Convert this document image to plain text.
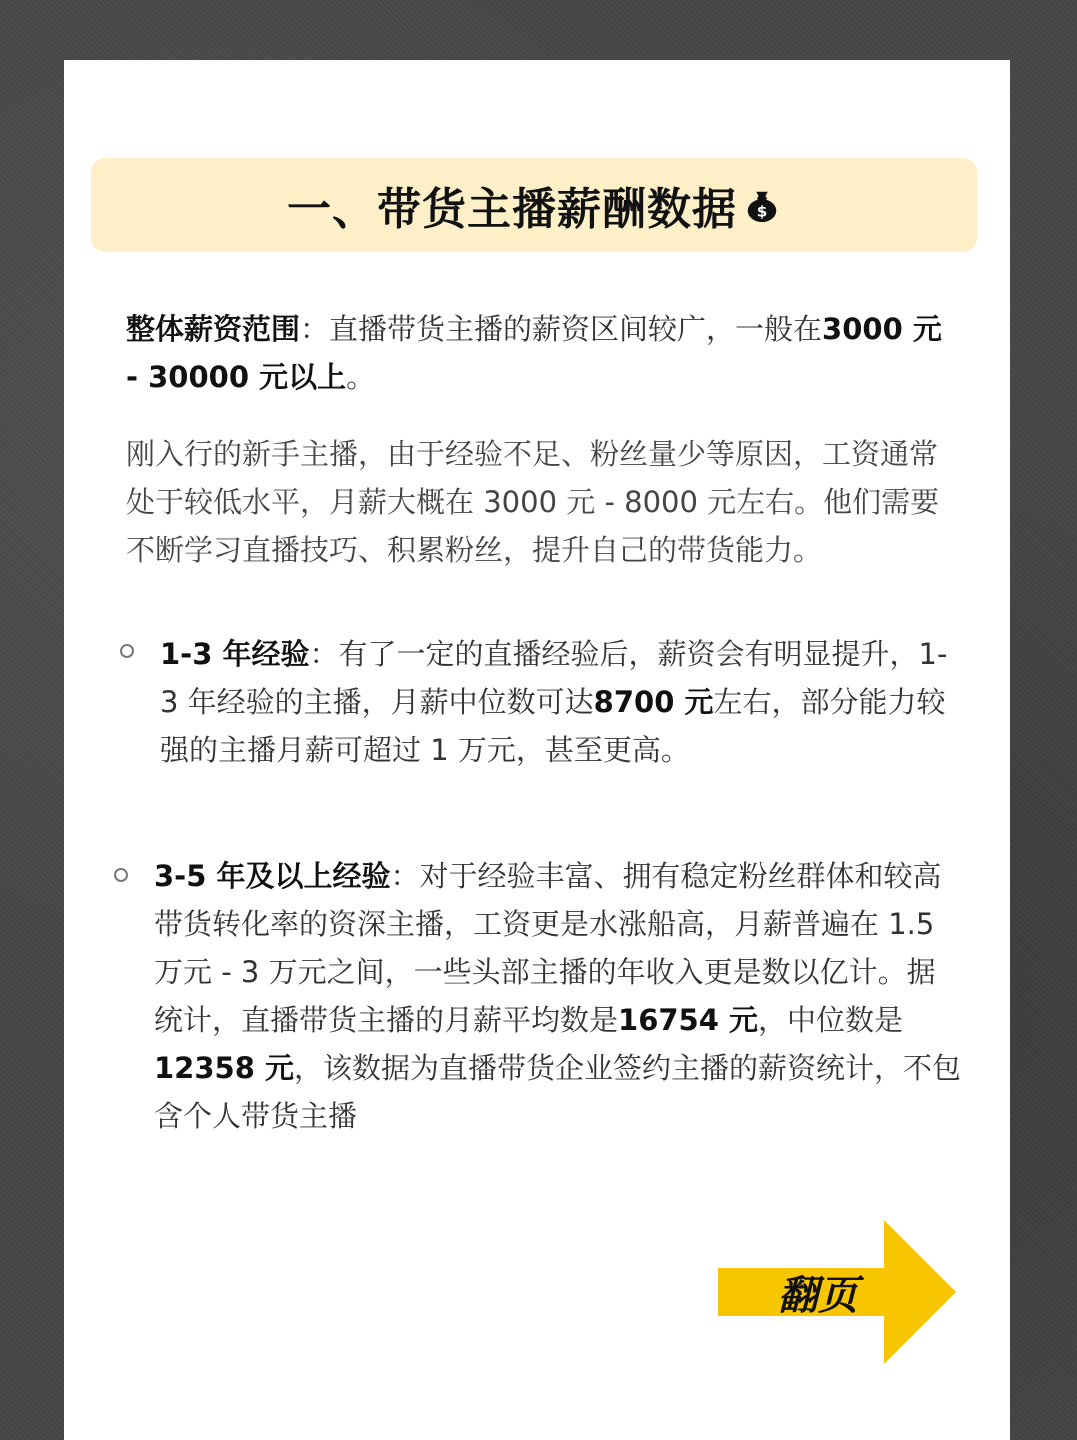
一、带货主播薪酬数据 $
整体薪资范围：直播带货主播的薪资区间较广，一般在3000 元 - 30000 元以上。
刚入行的新手主播，由于经验不足、粉丝量少等原因，工资通常处于较低水平，月薪大概在 3000 元 - 8000 元左右。他们需要不断学习直播技巧、积累粉丝，提升自己的带货能力。
1-3 年经验：有了一定的直播经验后，薪资会有明显提升，1-3 年经验的主播，月薪中位数可达8700 元左右，部分能力较强的主播月薪可超过 1 万元，甚至更高。
3-5 年及以上经验：对于经验丰富、拥有稳定粉丝群体和较高带货转化率的资深主播，工资更是水涨船高，月薪普遍在 1.5 万元 - 3 万元之间，一些头部主播的年收入更是数以亿计。据统计，直播带货主播的月薪平均数是16754 元，中位数是12358 元，该数据为直播带货企业签约主播的薪资统计，不包含个人带货主播
翻页
